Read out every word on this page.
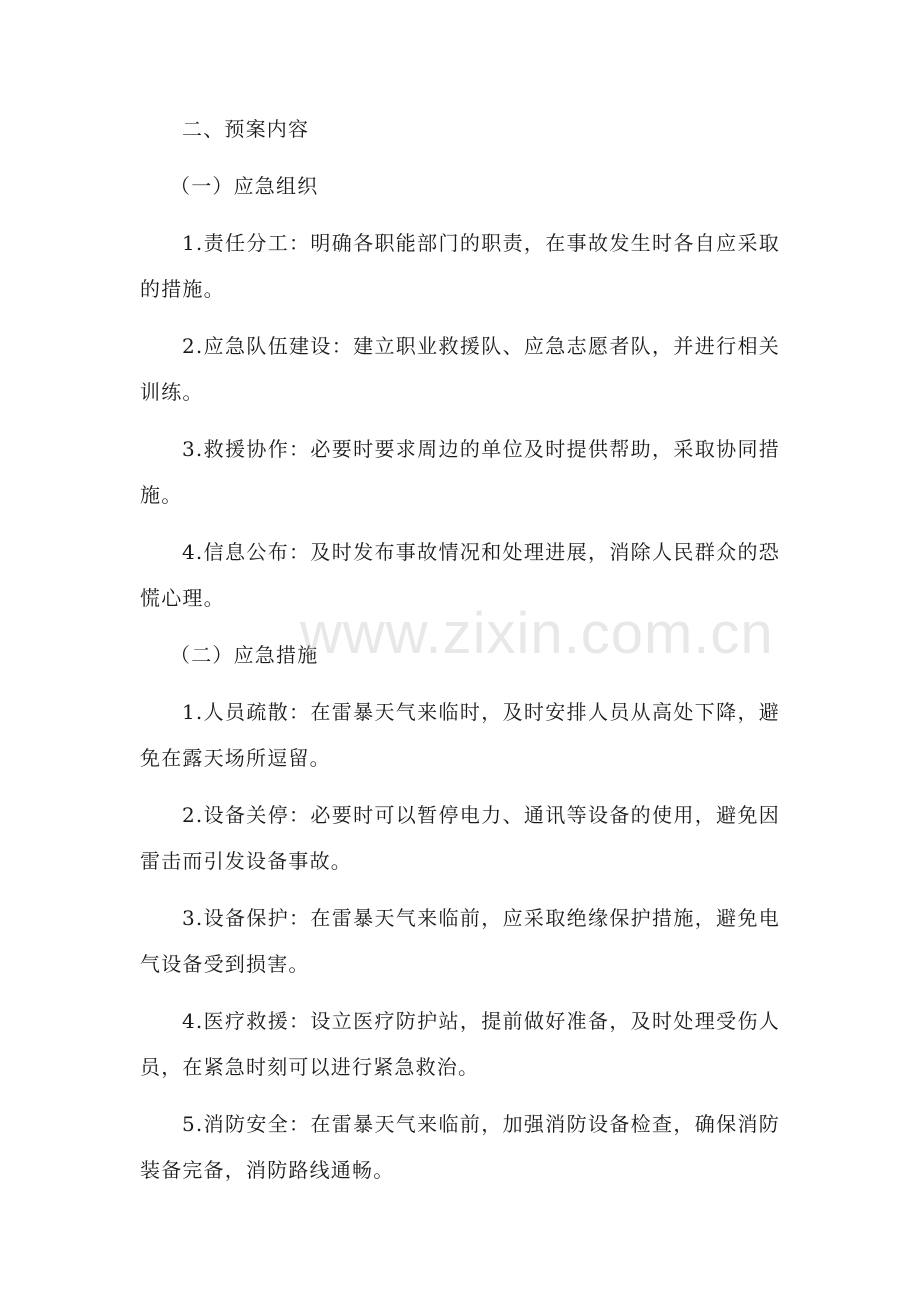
二、预案内容

（一）应急组织

1.责任分工：明确各职能部门的职责，在事故发生时各自应采取的措施。

2.应急队伍建设：建立职业救援队、应急志愿者队，并进行相关训练。

3.救援协作：必要时要求周边的单位及时提供帮助，采取协同措施。

4.信息公布：及时发布事故情况和处理进展，消除人民群众的恐慌心理。

（二）应急措施

1.人员疏散：在雷暴天气来临时，及时安排人员从高处下降，避免在露天场所逗留。

2.设备关停：必要时可以暂停电力、通讯等设备的使用，避免因雷击而引发设备事故。

3.设备保护：在雷暴天气来临前，应采取绝缘保护措施，避免电气设备受到损害。

4.医疗救援：设立医疗防护站，提前做好准备，及时处理受伤人员，在紧急时刻可以进行紧急救治。

5.消防安全：在雷暴天气来临前，加强消防设备检查，确保消防装备完备，消防路线通畅。

www.zixin.com.cn
